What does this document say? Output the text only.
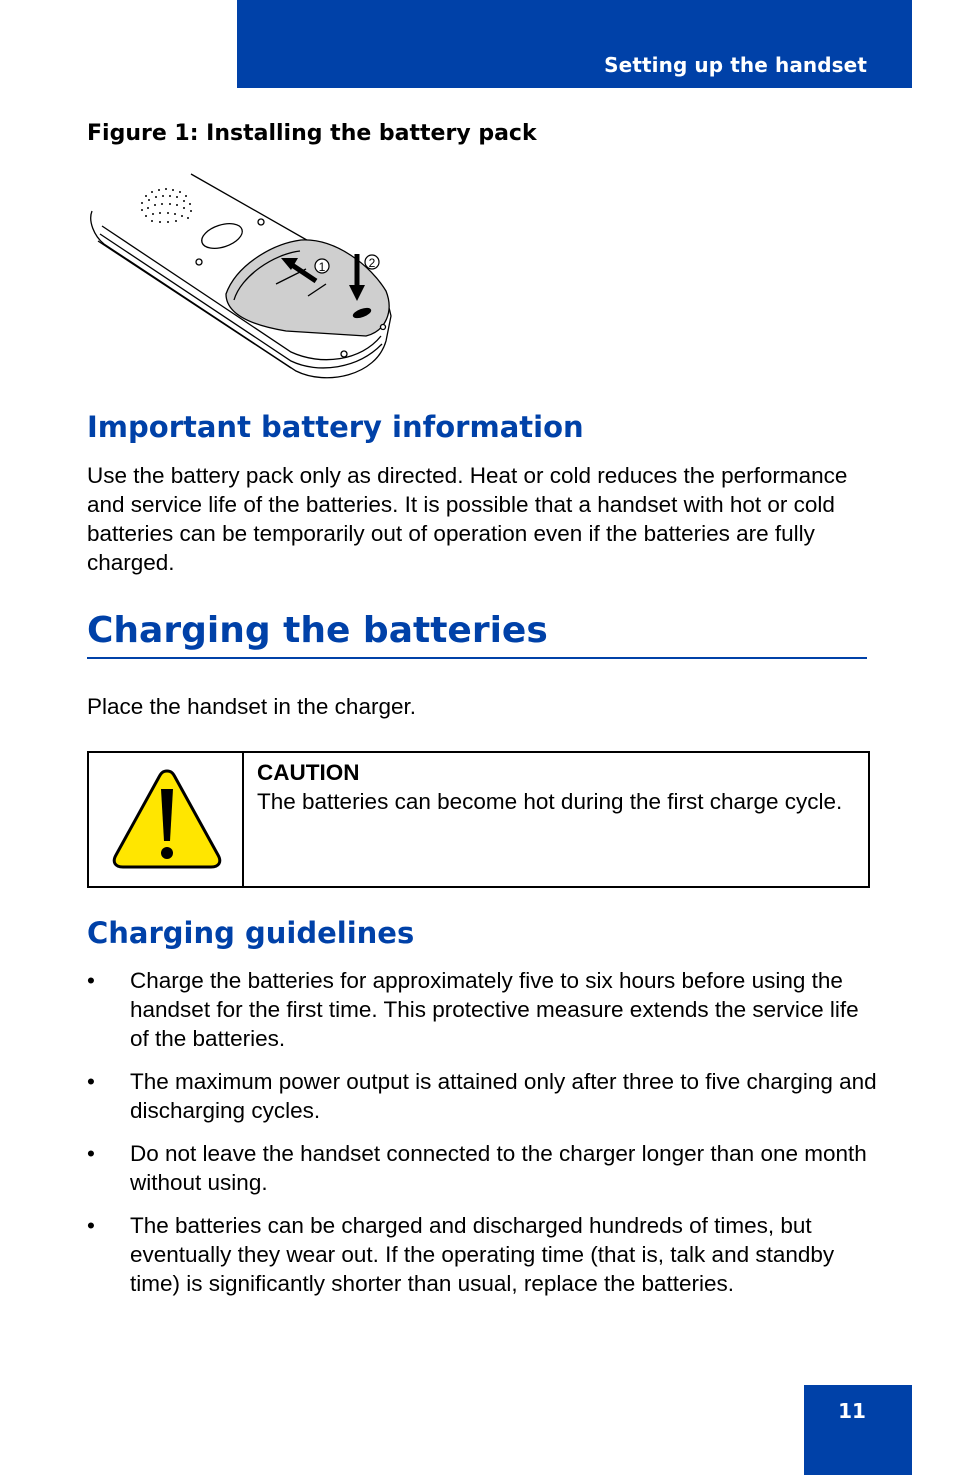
Setting up the handset
Figure 1: Installing the battery pack
1	2
Important battery information

Use the battery pack only as directed. Heat or cold reduces the performance and service life of the batteries. It is possible that a handset with hot or cold batteries can be temporarily out of operation even if the batteries are fully charged.

Charging the batteries

Place the handset in the charger.

CAUTION
The batteries can become hot during the first charge cycle.
Charging guidelines
• Charge the batteries for approximately five to six hours before using the handset for the first time. This protective measure extends the service life of the batteries.
• The maximum power output is attained only after three to five charging and discharging cycles.
• Do not leave the handset connected to the charger longer than one month without using.
• The batteries can be charged and discharged hundreds of times, but eventually they wear out. If the operating time (that is, talk and standby time) is significantly shorter than usual, replace the batteries.
11
